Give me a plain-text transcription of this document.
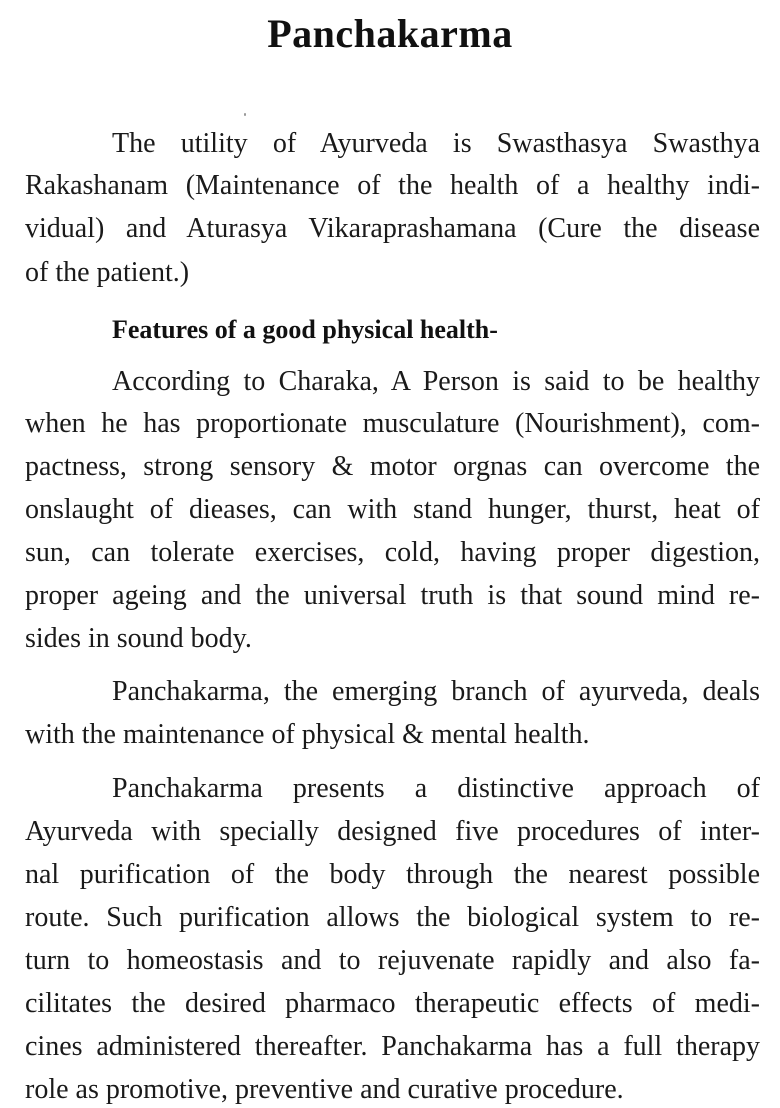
Panchakarma
The utility of Ayurveda is Swasthasya Swasthya
Rakashanam (Maintenance of the health of a healthy indi-
vidual) and Aturasya Vikaraprashamana (Cure the disease
of the patient.)
Features of a good physical health-
According to Charaka, A Person is said to be healthy
when he has proportionate musculature (Nourishment), com-
pactness, strong sensory & motor orgnas can overcome the
onslaught of dieases, can with stand hunger, thurst, heat of
sun, can tolerate exercises, cold, having proper digestion,
proper ageing and the universal truth is that sound mind re-
sides in sound body.
Panchakarma, the emerging branch of ayurveda, deals
with the maintenance of physical & mental health.
Panchakarma presents a distinctive approach of
Ayurveda with specially designed five procedures of inter-
nal purification of the body through the nearest possible
route. Such purification allows the biological system to re-
turn to homeostasis and to rejuvenate rapidly and also fa-
cilitates the desired pharmaco therapeutic effects of medi-
cines administered thereafter. Panchakarma has a full therapy
role as promotive, preventive and curative procedure.
